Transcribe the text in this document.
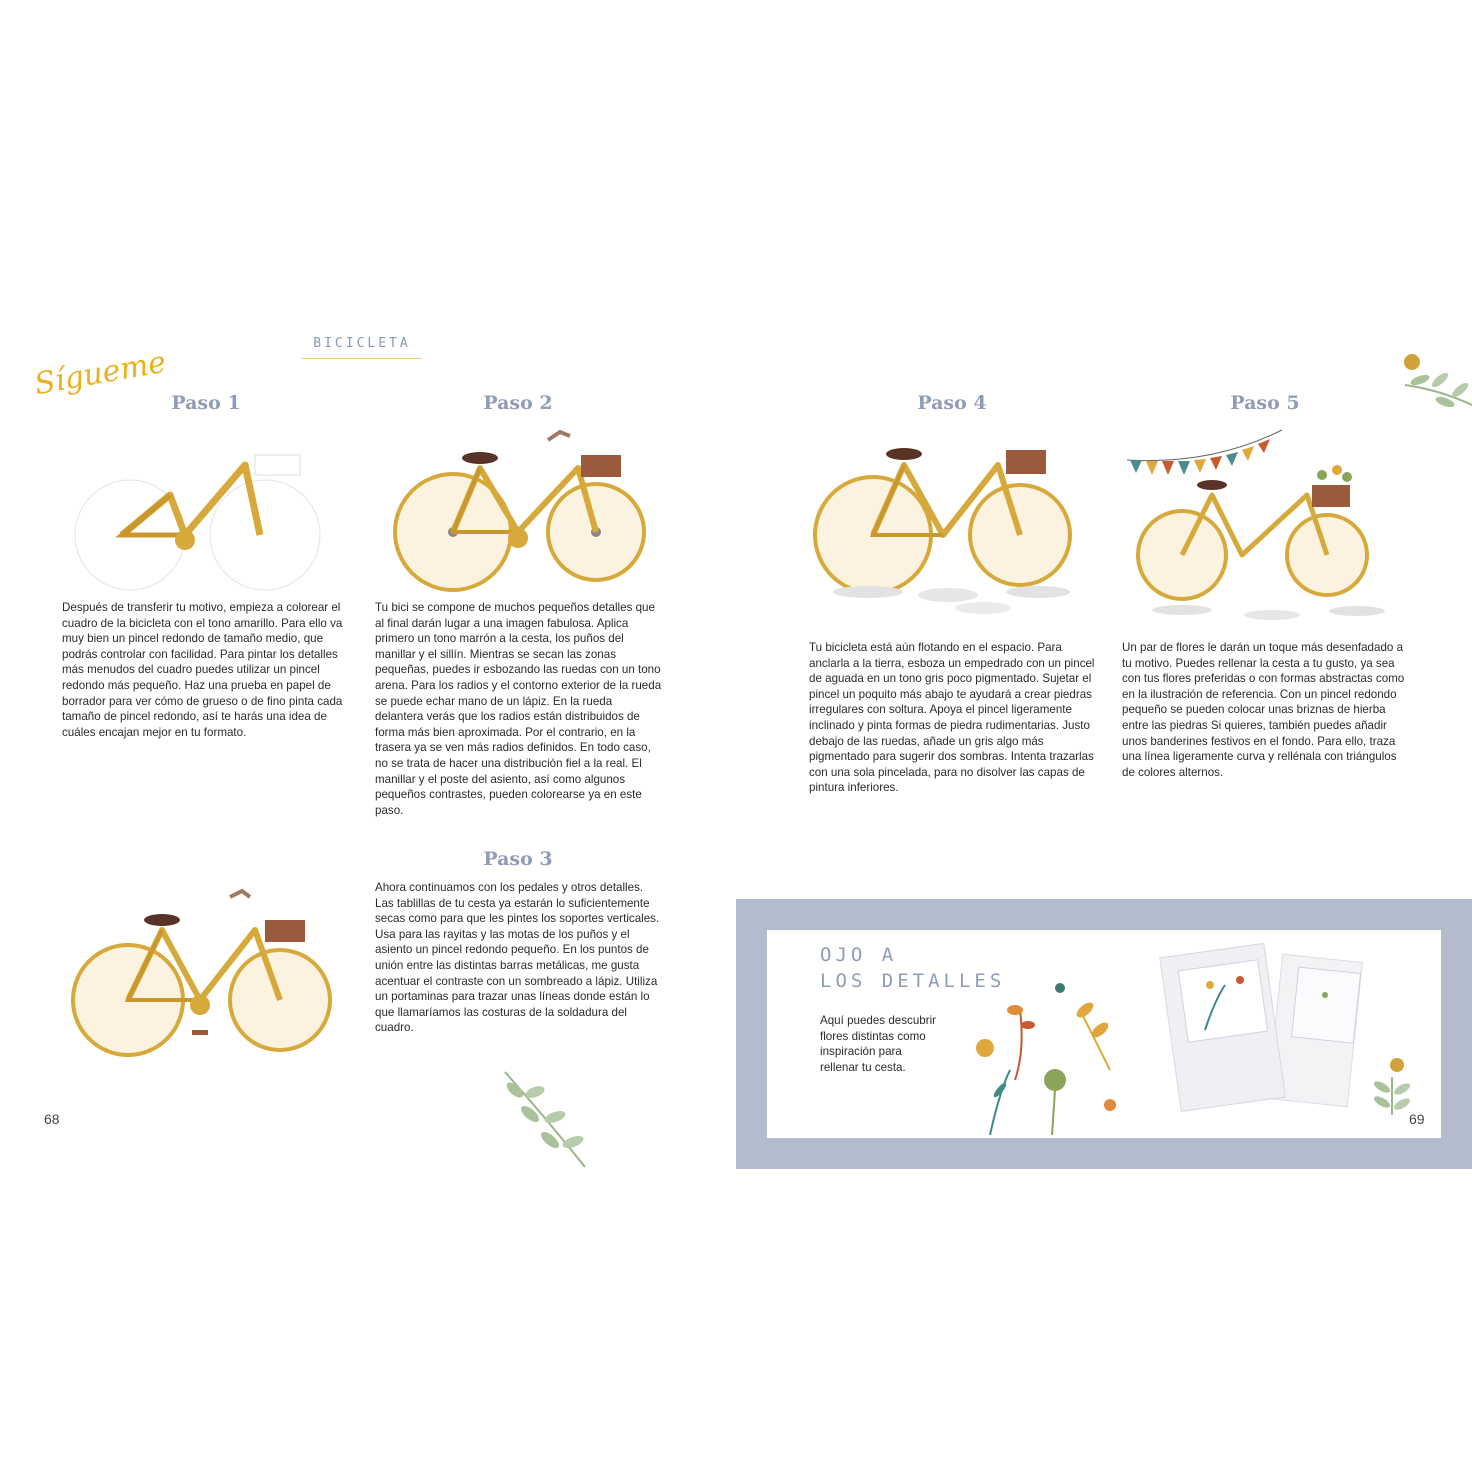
Sígueme
BICICLETA
Paso 1	Paso 2
Paso 3
Paso 4	Paso 5
Después de transferir tu motivo, empieza a colorear el cuadro de la bicicleta con el tono amarillo. Para ello va muy bien un pincel redondo de tamaño medio, que podrás controlar con facilidad. Para pintar los detalles más menudos del cuadro puedes utilizar un pincel redondo más pequeño. Haz una prueba en papel de borrador para ver cómo de grueso o de fino pinta cada tamaño de pincel redondo, así te harás una idea de cuáles encajan mejor en tu formato.
Tu bici se compone de muchos pequeños detalles que al final darán lugar a una imagen fabulosa. Aplica primero un tono marrón a la cesta, los puños del manillar y el sillín. Mientras se secan las zonas pequeñas, puedes ir esbozando las ruedas con un tono arena. Para los radios y el contorno exterior de la rueda se puede echar mano de un lápiz. En la rueda delantera verás que los radios están distribuidos de forma más bien aproximada. Por el contrario, en la trasera ya se ven más radios definidos. En todo caso, no se trata de hacer una distribución fiel a la real. El manillar y el poste del asiento, así como algunos pequeños contrastes, pueden colorearse ya en este paso.
Ahora continuamos con los pedales y otros detalles. Las tablillas de tu cesta ya estarán lo suficientemente secas como para que les pintes los soportes verticales. Usa para las rayitas y las motas de los puños y el asiento un pincel redondo pequeño. En los puntos de unión entre las distintas barras metálicas, me gusta acentuar el contraste con un sombreado a lápiz. Utiliza un portaminas para trazar unas líneas donde están lo que llamaríamos las costuras de la soldadura del cuadro.
Tu bicicleta está aún flotando en el espacio. Para anclarla a la tierra, esboza un empedrado con un pincel de aguada en un tono gris poco pigmentado. Sujetar el pincel un poquito más abajo te ayudará a crear piedras irregulares con soltura. Apoya el pincel ligeramente inclinado y pinta formas de piedra rudimentarias. Justo debajo de las ruedas, añade un gris algo más pigmentado para sugerir dos sombras. Intenta trazarlas con una sola pincelada, para no disolver las capas de pintura inferiores.
Un par de flores le darán un toque más desenfadado a tu motivo. Puedes rellenar la cesta a tu gusto, ya sea con tus flores preferidas o con formas abstractas como en la ilustración de referencia. Con un pincel redondo pequeño se pueden colocar unas briznas de hierba entre las piedras Si quieres, también puedes añadir unos banderines festivos en el fondo. Para ello, traza una línea ligeramente curva y rellénala con triángulos de colores alternos.
68
OJO A
LOS DETALLES
Aquí puedes descubrir flores distintas como inspiración para rellenar tu cesta.
69
